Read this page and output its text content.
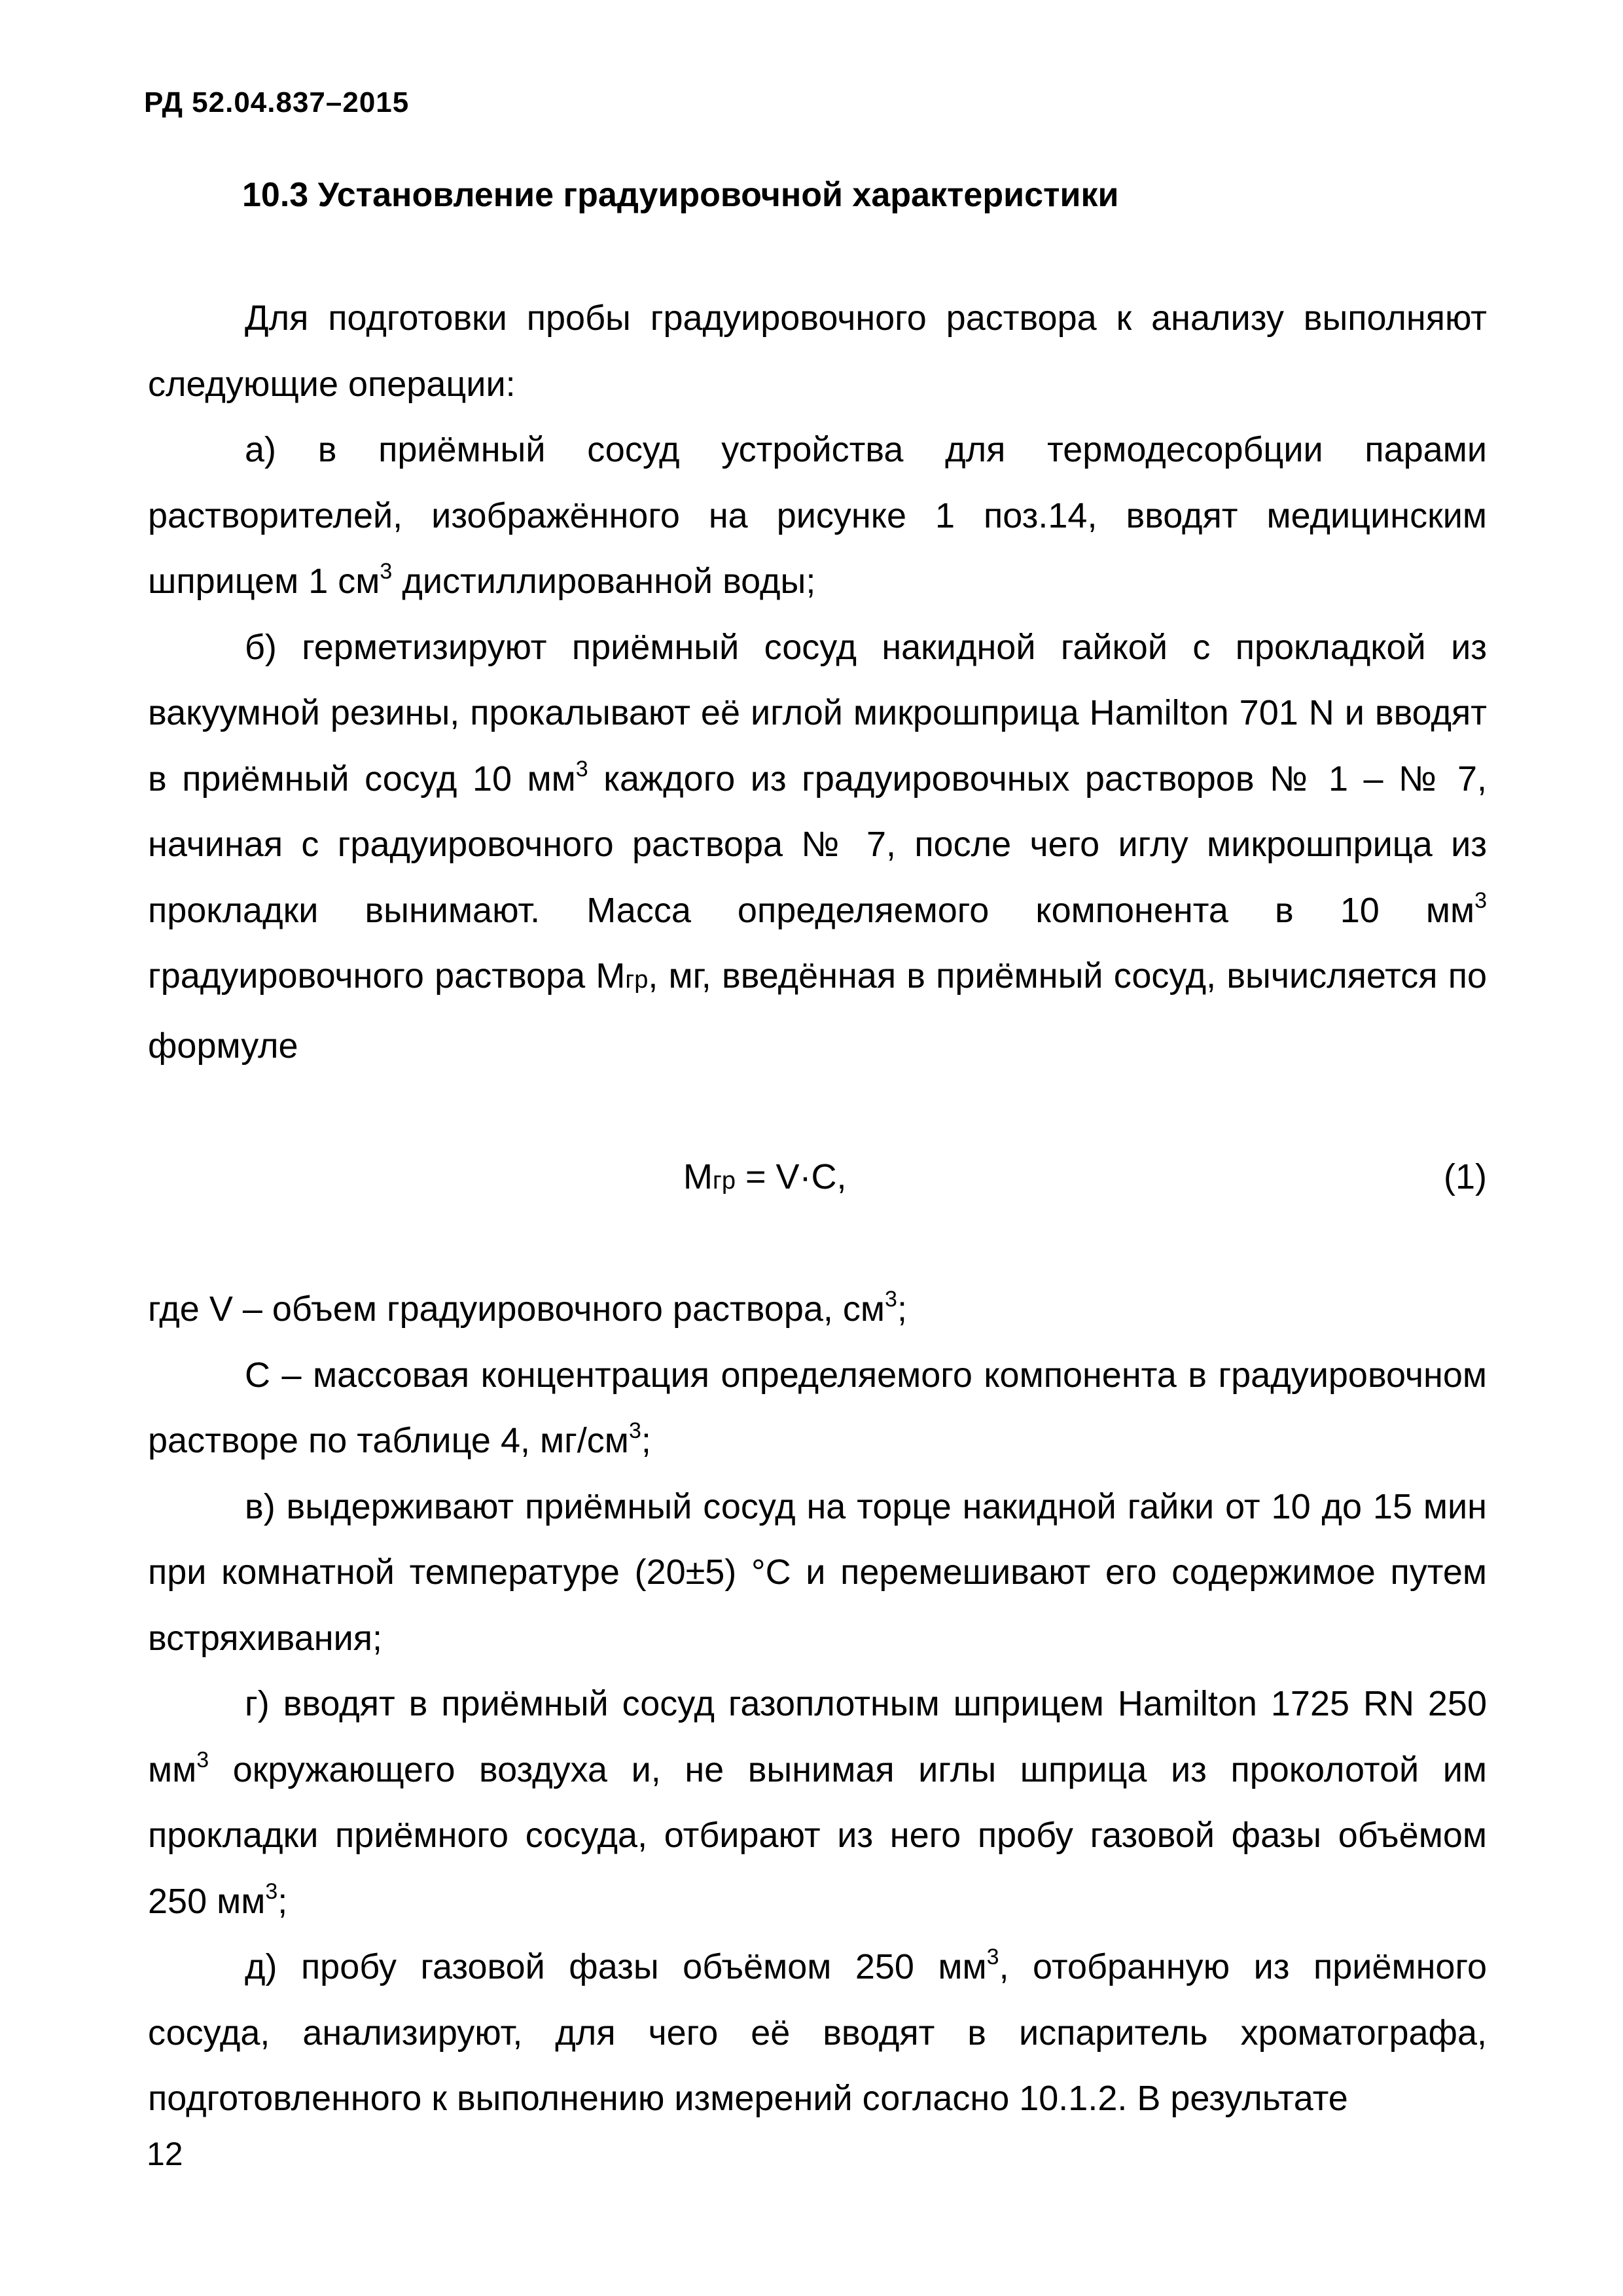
РД 52.04.837–2015
10.3 Установление градуировочной характеристики

Для подготовки пробы градуировочного раствора к анализу выполняют следующие операции:

а) в приёмный сосуд устройства для термодесорбции парами растворителей, изображённого на рисунке 1 поз.14, вводят медицинским шприцем 1 $см^3$ дистиллированной воды;

б) герметизируют приёмный сосуд накидной гайкой с прокладкой из вакуумной резины, прокалывают её иглой микрошприца Hamilton 701 N и вводят в приёмный сосуд 10 $мм^3$ каждого из градуировочных растворов № 1 – № 7, начиная с градуировочного раствора № 7, после чего иглу микрошприца из прокладки вынимают. Масса определяемого компонента в 10 $мм^3$ градуировочного раствора Мгр, мг, введённая в приёмный сосуд, вычисляется по формуле

Мгр = V·C,	(1)

где V – объем градуировочного раствора, $см^3$;

C – массовая концентрация определяемого компонента в градуировочном растворе по таблице 4, $мг/см^3$;

в) выдерживают приёмный сосуд на торце накидной гайки от 10 до 15 мин при комнатной температуре (20±5) °С и перемешивают его содержимое путем встряхивания;

г) вводят в приёмный сосуд газоплотным шприцем Hamilton 1725 RN 250 $мм^3$ окружающего воздуха и, не вынимая иглы шприца из проколотой им прокладки приёмного сосуда, отбирают из него пробу газовой фазы объёмом 250 $мм^3$;

д) пробу газовой фазы объёмом 250 $мм^3$, отобранную из приёмного сосуда, анализируют, для чего её вводят в испаритель хроматографа, подготовленного к выполнению измерений согласно 10.1.2. В результате

12
